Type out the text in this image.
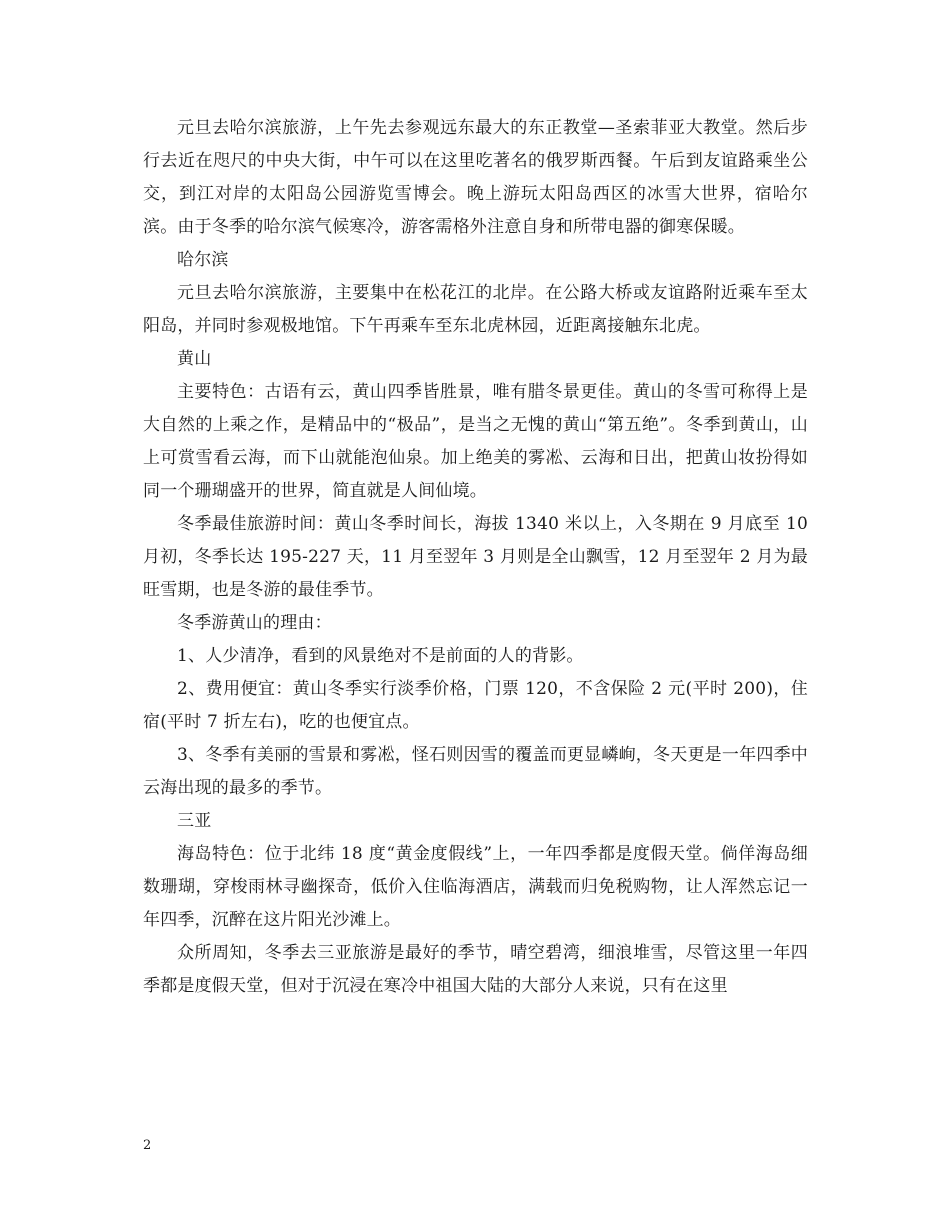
元旦去哈尔滨旅游，上午先去参观远东最大的东正教堂—圣索菲亚大教堂。然后步行去近在咫尺的中央大街，中午可以在这里吃著名的俄罗斯西餐。午后到友谊路乘坐公交，到江对岸的太阳岛公园游览雪博会。晚上游玩太阳岛西区的冰雪大世界，宿哈尔滨。由于冬季的哈尔滨气候寒冷，游客需格外注意自身和所带电器的御寒保暖。

哈尔滨

元旦去哈尔滨旅游，主要集中在松花江的北岸。在公路大桥或友谊路附近乘车至太阳岛，并同时参观极地馆。下午再乘车至东北虎林园，近距离接触东北虎。

黄山

主要特色：古语有云，黄山四季皆胜景，唯有腊冬景更佳。黄山的冬雪可称得上是大自然的上乘之作，是精品中的“极品”，是当之无愧的黄山“第五绝”。冬季到黄山，山上可赏雪看云海，而下山就能泡仙泉。加上绝美的雾凇、云海和日出，把黄山妆扮得如同一个珊瑚盛开的世界，简直就是人间仙境。

冬季最佳旅游时间：黄山冬季时间长，海拔 1340 米以上，入冬期在 9 月底至 10 月初，冬季长达 195-227 天，11 月至翌年 3 月则是全山飘雪，12 月至翌年 2 月为最旺雪期，也是冬游的最佳季节。

冬季游黄山的理由：

1、人少清净，看到的风景绝对不是前面的人的背影。

2、费用便宜：黄山冬季实行淡季价格，门票 120，不含保险 2 元(平时 200)，住宿(平时 7 折左右)，吃的也便宜点。

3、冬季有美丽的雪景和雾凇，怪石则因雪的覆盖而更显嶙峋，冬天更是一年四季中云海出现的最多的季节。

三亚

海岛特色：位于北纬 18 度“黄金度假线”上，一年四季都是度假天堂。倘佯海岛细数珊瑚，穿梭雨林寻幽探奇，低价入住临海酒店，满载而归免税购物，让人浑然忘记一年四季，沉醉在这片阳光沙滩上。

众所周知，冬季去三亚旅游是最好的季节，晴空碧湾，细浪堆雪，尽管这里一年四季都是度假天堂，但对于沉浸在寒冷中祖国大陆的大部分人来说，只有在这里

2
